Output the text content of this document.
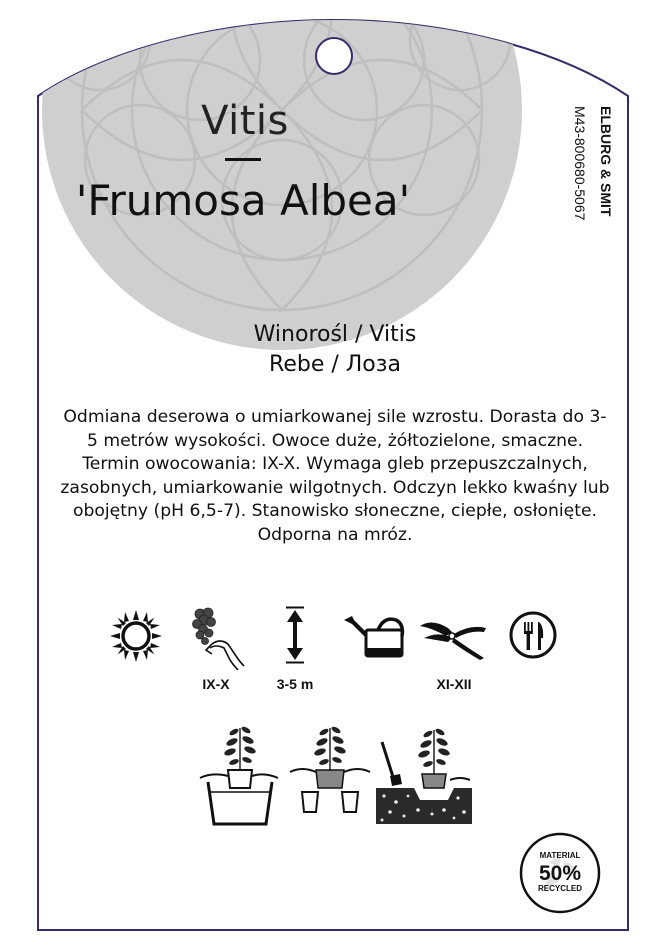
Vitis
'Frumosa Albea'	ELBURG & SMIT
M43-800680-5067
Winorośl / Vitis
Rebe / Лоза
Odmiana deserowa o umiarkowanej sile wzrostu. Dorasta do 3-5 metrów wysokości. Owoce duże, żółtozielone, smaczne. Termin owocowania: IX-X. Wymaga gleb przepuszczalnych, zasobnych, umiarkowanie wilgotnych. Odczyn lekko kwaśny lub obojętny (pH 6,5-7). Stanowisko słoneczne, ciepłe, osłonięte. Odporna na mróz.
IX-X	3-5 m	XI-XII
MATERIAL
50%
RECYCLED
